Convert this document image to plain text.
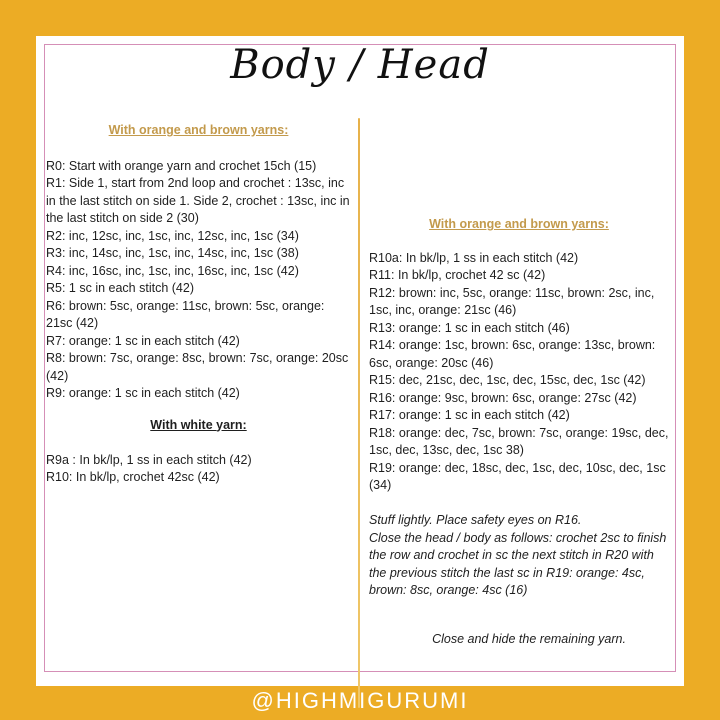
Body / Head

With orange and brown yarns:

R0: Start with orange yarn and crochet 15ch (15)

R1: Side 1, start from 2nd loop and crochet : 13sc, inc in the last stitch on side 1. Side 2, crochet : 13sc, inc in the last stitch on side 2 (30)

R2: inc, 12sc, inc, 1sc, inc, 12sc, inc, 1sc (34)

R3: inc, 14sc, inc, 1sc, inc, 14sc, inc, 1sc (38)

R4: inc, 16sc, inc, 1sc, inc, 16sc, inc, 1sc (42)

R5: 1 sc in each stitch (42)

R6: brown: 5sc, orange: 11sc, brown: 5sc, orange: 21sc (42)

R7: orange: 1 sc in each stitch (42)

R8: brown: 7sc, orange: 8sc, brown: 7sc, orange: 20sc (42)

R9: orange: 1 sc in each stitch (42)

With white yarn:

R9a : In bk/lp, 1 ss in each stitch (42)

R10: In bk/lp, crochet 42sc (42)

With orange and brown yarns:

R10a: In bk/lp, 1 ss in each stitch (42)

R11: In bk/lp, crochet 42 sc (42)

R12: brown: inc, 5sc, orange: 11sc, brown: 2sc, inc, 1sc, inc, orange: 21sc (46)

R13: orange: 1 sc in each stitch (46)

R14: orange: 1sc, brown: 6sc, orange: 13sc, brown: 6sc, orange: 20sc (46)

R15: dec, 21sc, dec, 1sc, dec, 15sc, dec, 1sc (42)

R16: orange: 9sc, brown: 6sc, orange: 27sc (42)

R17: orange: 1 sc in each stitch (42)

R18: orange: dec, 7sc, brown: 7sc, orange: 19sc, dec, 1sc, dec, 13sc, dec, 1sc 38)

R19: orange: dec, 18sc, dec, 1sc, dec, 10sc, dec, 1sc (34)

Stuff lightly. Place safety eyes on R16.

Close the head / body as follows: crochet 2sc to finish the row and crochet in sc the next stitch in R20 with the previous stitch the last sc in R19: orange: 4sc, brown: 8sc, orange: 4sc (16)

Close and hide the remaining yarn.

@HIGHMIGURUMI
